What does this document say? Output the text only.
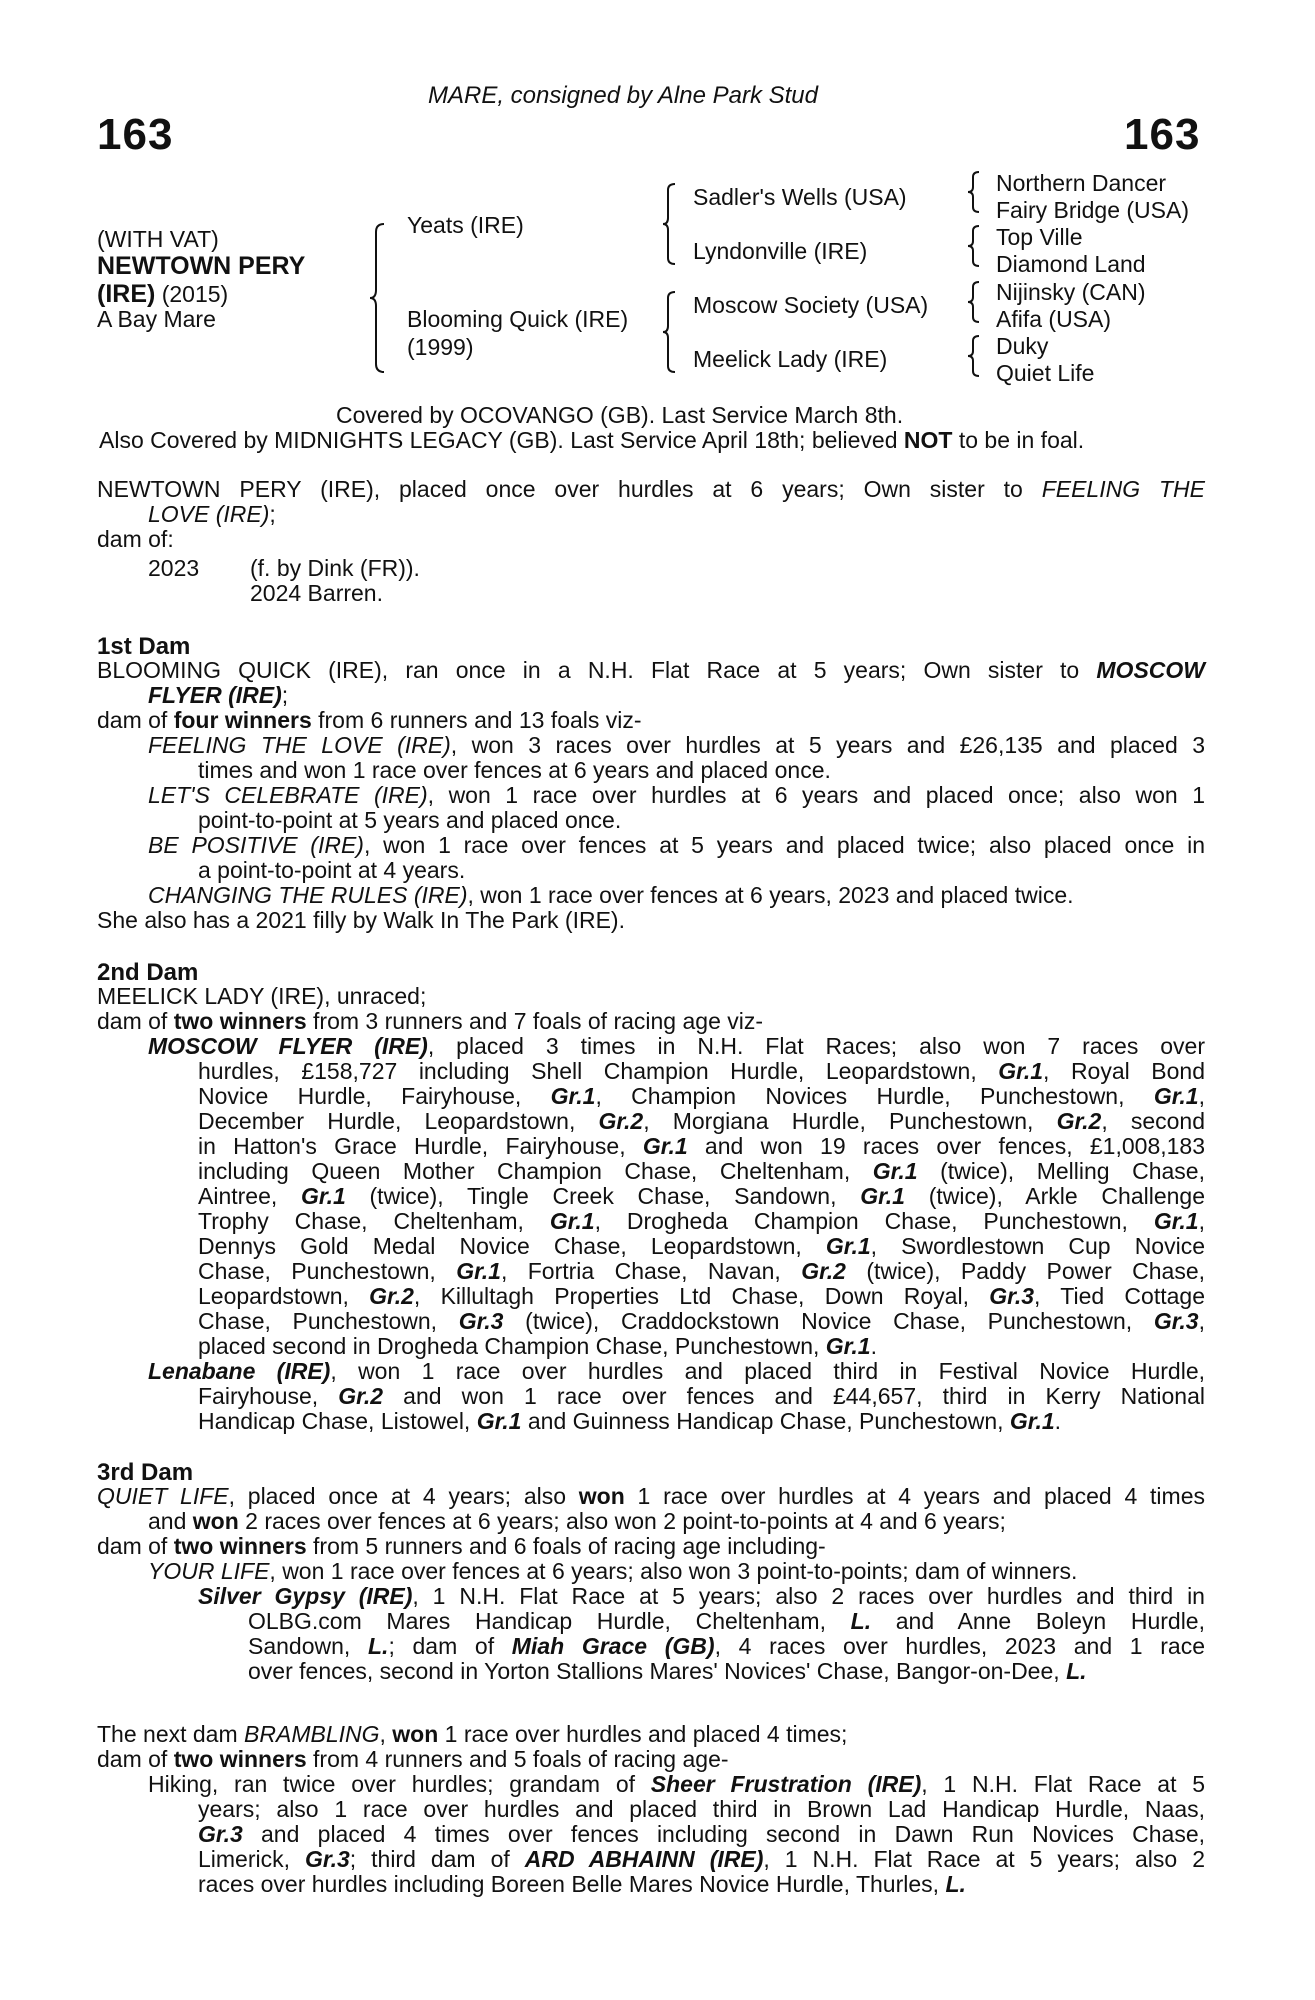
MARE, consigned by Alne Park Stud
163	163
(WITH VAT)
NEWTOWN PERY
(IRE) (2015)
A Bay Mare
Yeats (IRE)
Blooming Quick (IRE)
(1999)
Sadler's Wells (USA)
Lyndonville (IRE)
Moscow Society (USA)
Meelick Lady (IRE)
Northern Dancer
Fairy Bridge (USA)
Top Ville
Diamond Land
Nijinsky (CAN)
Afifa (USA)
Duky
Quiet Life
Covered by OCOVANGO (GB). Last Service March 8th.
Also Covered by MIDNIGHTS LEGACY (GB). Last Service April 18th; believed NOT to be in foal.
NEWTOWN PERY (IRE), placed once over hurdles at 6 years; Own sister to FEELING THE
LOVE (IRE);
dam of:
2023 (f. by Dink (FR)).
2024 Barren.
1st Dam
BLOOMING QUICK (IRE), ran once in a N.H. Flat Race at 5 years; Own sister to MOSCOW
FLYER (IRE);
dam of four winners from 6 runners and 13 foals viz-
FEELING THE LOVE (IRE), won 3 races over hurdles at 5 years and £26,135 and placed 3
times and won 1 race over fences at 6 years and placed once.
LET'S CELEBRATE (IRE), won 1 race over hurdles at 6 years and placed once; also won 1
point-to-point at 5 years and placed once.
BE POSITIVE (IRE), won 1 race over fences at 5 years and placed twice; also placed once in
a point-to-point at 4 years.
CHANGING THE RULES (IRE), won 1 race over fences at 6 years, 2023 and placed twice.
She also has a 2021 filly by Walk In The Park (IRE).
2nd Dam
MEELICK LADY (IRE), unraced;
dam of two winners from 3 runners and 7 foals of racing age viz-
MOSCOW FLYER (IRE), placed 3 times in N.H. Flat Races; also won 7 races over
hurdles, £158,727 including Shell Champion Hurdle, Leopardstown, Gr.1, Royal Bond
Novice Hurdle, Fairyhouse, Gr.1, Champion Novices Hurdle, Punchestown, Gr.1,
December Hurdle, Leopardstown, Gr.2, Morgiana Hurdle, Punchestown, Gr.2, second
in Hatton's Grace Hurdle, Fairyhouse, Gr.1 and won 19 races over fences, £1,008,183
including Queen Mother Champion Chase, Cheltenham, Gr.1 (twice), Melling Chase,
Aintree, Gr.1 (twice), Tingle Creek Chase, Sandown, Gr.1 (twice), Arkle Challenge
Trophy Chase, Cheltenham, Gr.1, Drogheda Champion Chase, Punchestown, Gr.1,
Dennys Gold Medal Novice Chase, Leopardstown, Gr.1, Swordlestown Cup Novice
Chase, Punchestown, Gr.1, Fortria Chase, Navan, Gr.2 (twice), Paddy Power Chase,
Leopardstown, Gr.2, Killultagh Properties Ltd Chase, Down Royal, Gr.3, Tied Cottage
Chase, Punchestown, Gr.3 (twice), Craddockstown Novice Chase, Punchestown, Gr.3,
placed second in Drogheda Champion Chase, Punchestown, Gr.1.
Lenabane (IRE), won 1 race over hurdles and placed third in Festival Novice Hurdle,
Fairyhouse, Gr.2 and won 1 race over fences and £44,657, third in Kerry National
Handicap Chase, Listowel, Gr.1 and Guinness Handicap Chase, Punchestown, Gr.1.
3rd Dam
QUIET LIFE, placed once at 4 years; also won 1 race over hurdles at 4 years and placed 4 times
and won 2 races over fences at 6 years; also won 2 point-to-points at 4 and 6 years;
dam of two winners from 5 runners and 6 foals of racing age including-
YOUR LIFE, won 1 race over fences at 6 years; also won 3 point-to-points; dam of winners.
Silver Gypsy (IRE), 1 N.H. Flat Race at 5 years; also 2 races over hurdles and third in
OLBG.com Mares Handicap Hurdle, Cheltenham, L. and Anne Boleyn Hurdle,
Sandown, L.; dam of Miah Grace (GB), 4 races over hurdles, 2023 and 1 race
over fences, second in Yorton Stallions Mares' Novices' Chase, Bangor-on-Dee, L.
The next dam BRAMBLING, won 1 race over hurdles and placed 4 times;
dam of two winners from 4 runners and 5 foals of racing age-
Hiking, ran twice over hurdles; grandam of Sheer Frustration (IRE), 1 N.H. Flat Race at 5
years; also 1 race over hurdles and placed third in Brown Lad Handicap Hurdle, Naas,
Gr.3 and placed 4 times over fences including second in Dawn Run Novices Chase,
Limerick, Gr.3; third dam of ARD ABHAINN (IRE), 1 N.H. Flat Race at 5 years; also 2
races over hurdles including Boreen Belle Mares Novice Hurdle, Thurles, L.
